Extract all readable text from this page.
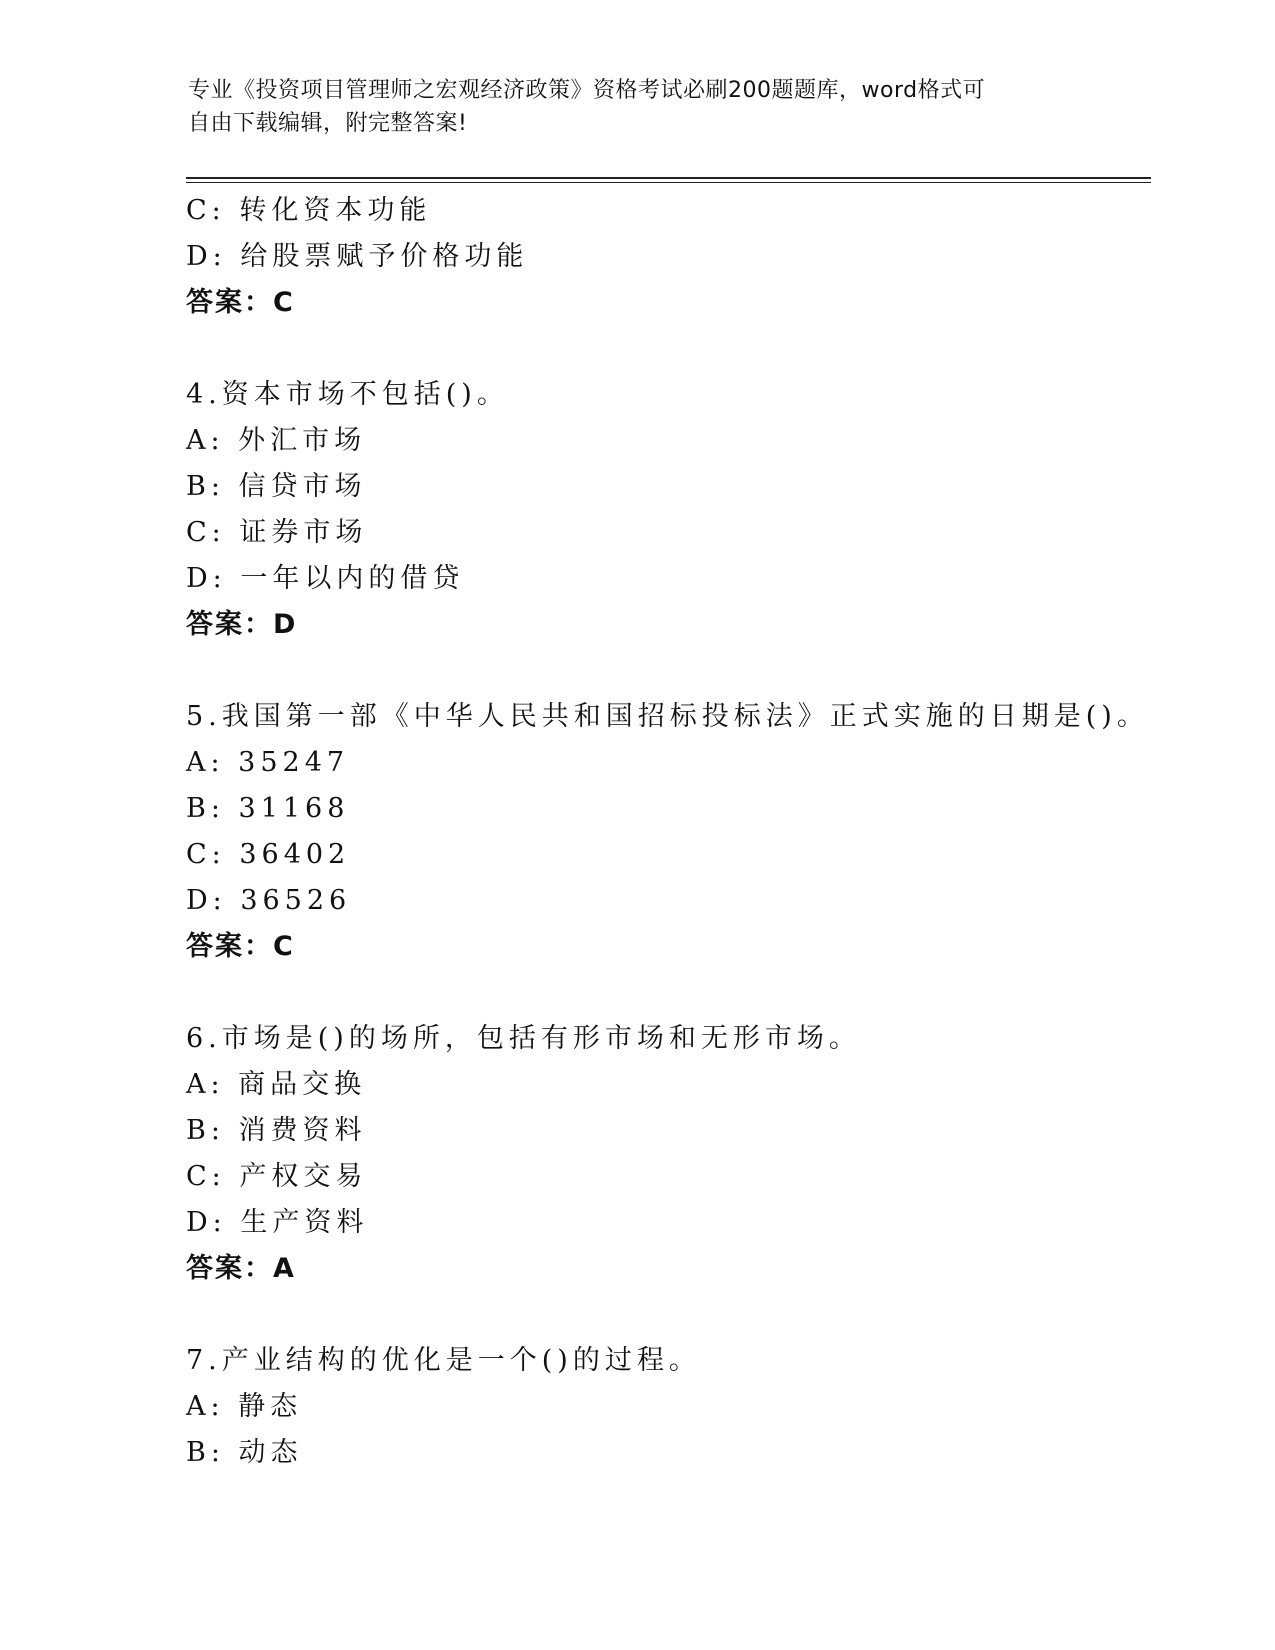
专业《投资项目管理师之宏观经济政策》资格考试必刷200题题库，word格式可
自由下载编辑，附完整答案!
C: 转化资本功能
D: 给股票赋予价格功能
答案：C
4.资本市场不包括()。
A: 外汇市场
B: 信贷市场
C: 证券市场
D: 一年以内的借贷
答案：D
5.我国第一部《中华人民共和国招标投标法》正式实施的日期是()。
A: 35247
B: 31168
C: 36402
D: 36526
答案：C
6.市场是()的场所，包括有形市场和无形市场。
A: 商品交换
B: 消费资料
C: 产权交易
D: 生产资料
答案：A
7.产业结构的优化是一个()的过程。
A: 静态
B: 动态
